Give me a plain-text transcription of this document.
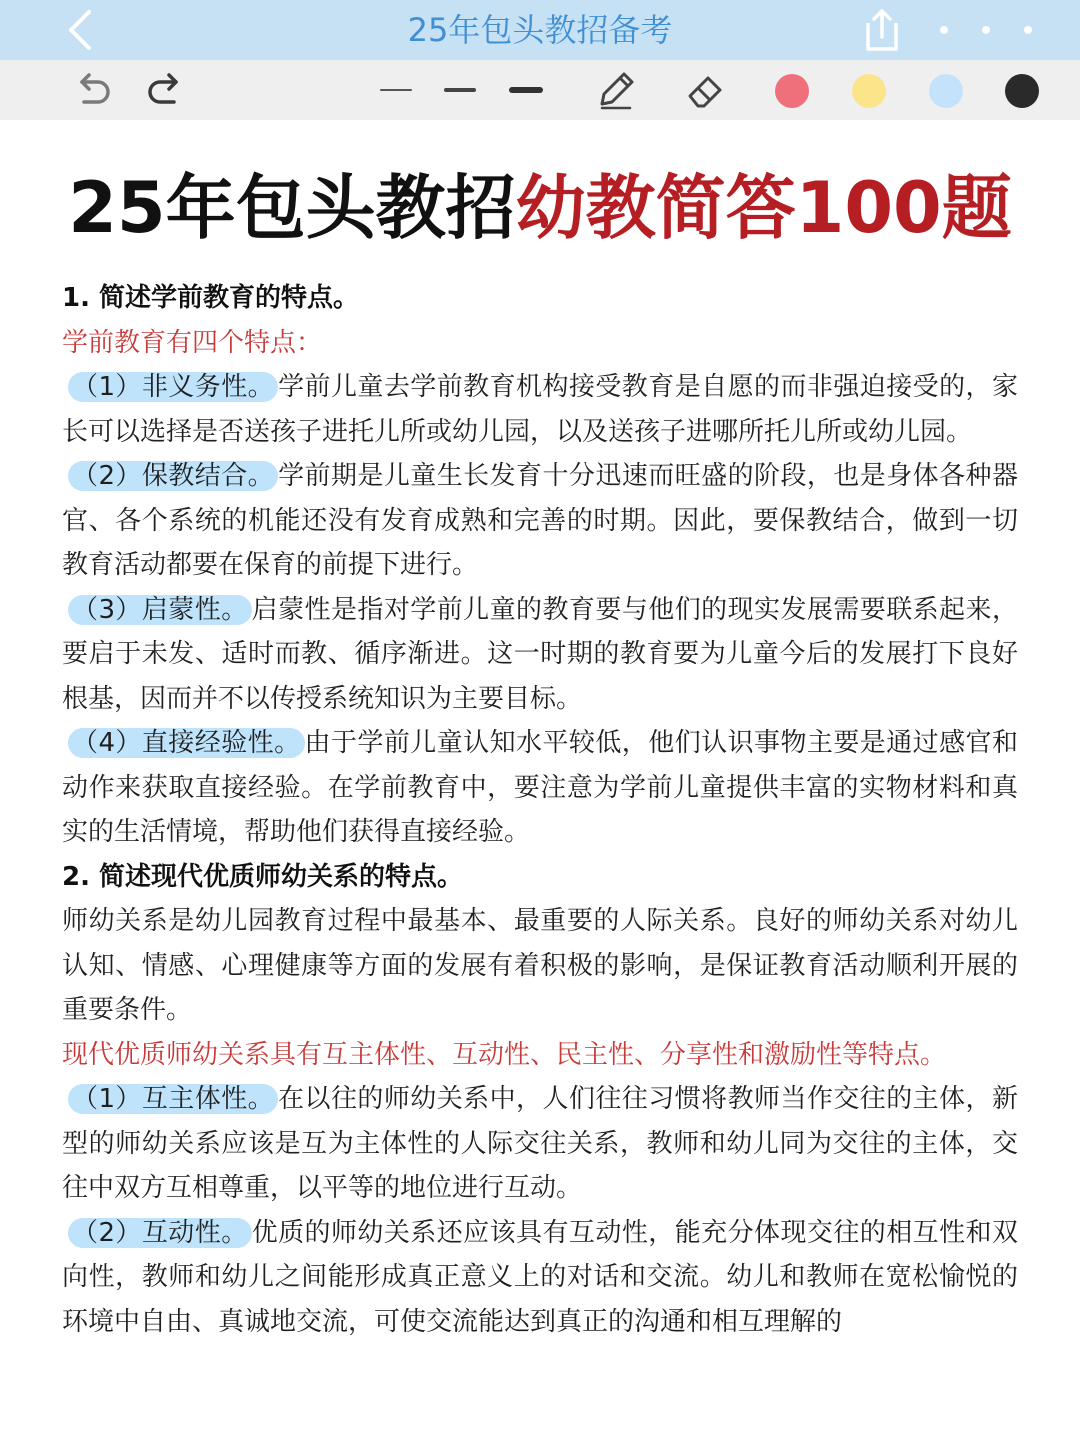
25年包头教招备考
25年包头教招幼教简答100题

1. 简述学前教育的特点。

学前教育有四个特点：

（1）非义务性。 学前儿童去学前教育机构接受教育是自愿的而非强迫接受的，家长可以选择是否送孩子进托儿所或幼儿园，以及送孩子进哪所托儿所或幼儿园。

（2）保教结合。 学前期是儿童生长发育十分迅速而旺盛的阶段，也是身体各种器官、各个系统的机能还没有发育成熟和完善的时期。因此，要保教结合，做到一切教育活动都要在保育的前提下进行。

（3）启蒙性。 启蒙性是指对学前儿童的教育要与他们的现实发展需要联系起来，要启于未发、适时而教、循序渐进。这一时期的教育要为儿童今后的发展打下良好根基，因而并不以传授系统知识为主要目标。

（4）直接经验性。 由于学前儿童认知水平较低，他们认识事物主要是通过感官和动作来获取直接经验。在学前教育中，要注意为学前儿童提供丰富的实物材料和真实的生活情境，帮助他们获得直接经验。

2. 简述现代优质师幼关系的特点。

师幼关系是幼儿园教育过程中最基本、最重要的人际关系。良好的师幼关系对幼儿认知、情感、心理健康等方面的发展有着积极的影响，是保证教育活动顺利开展的重要条件。

现代优质师幼关系具有互主体性、互动性、民主性、分享性和激励性等特点。

（1）互主体性。 在以往的师幼关系中，人们往往习惯将教师当作交往的主体，新型的师幼关系应该是互为主体性的人际交往关系，教师和幼儿同为交往的主体，交往中双方互相尊重，以平等的地位进行互动。

（2）互动性。 优质的师幼关系还应该具有互动性，能充分体现交往的相互性和双向性，教师和幼儿之间能形成真正意义上的对话和交流。幼儿和教师在宽松愉悦的环境中自由、真诚地交流，可使交流能达到真正的沟通和相互理解的
